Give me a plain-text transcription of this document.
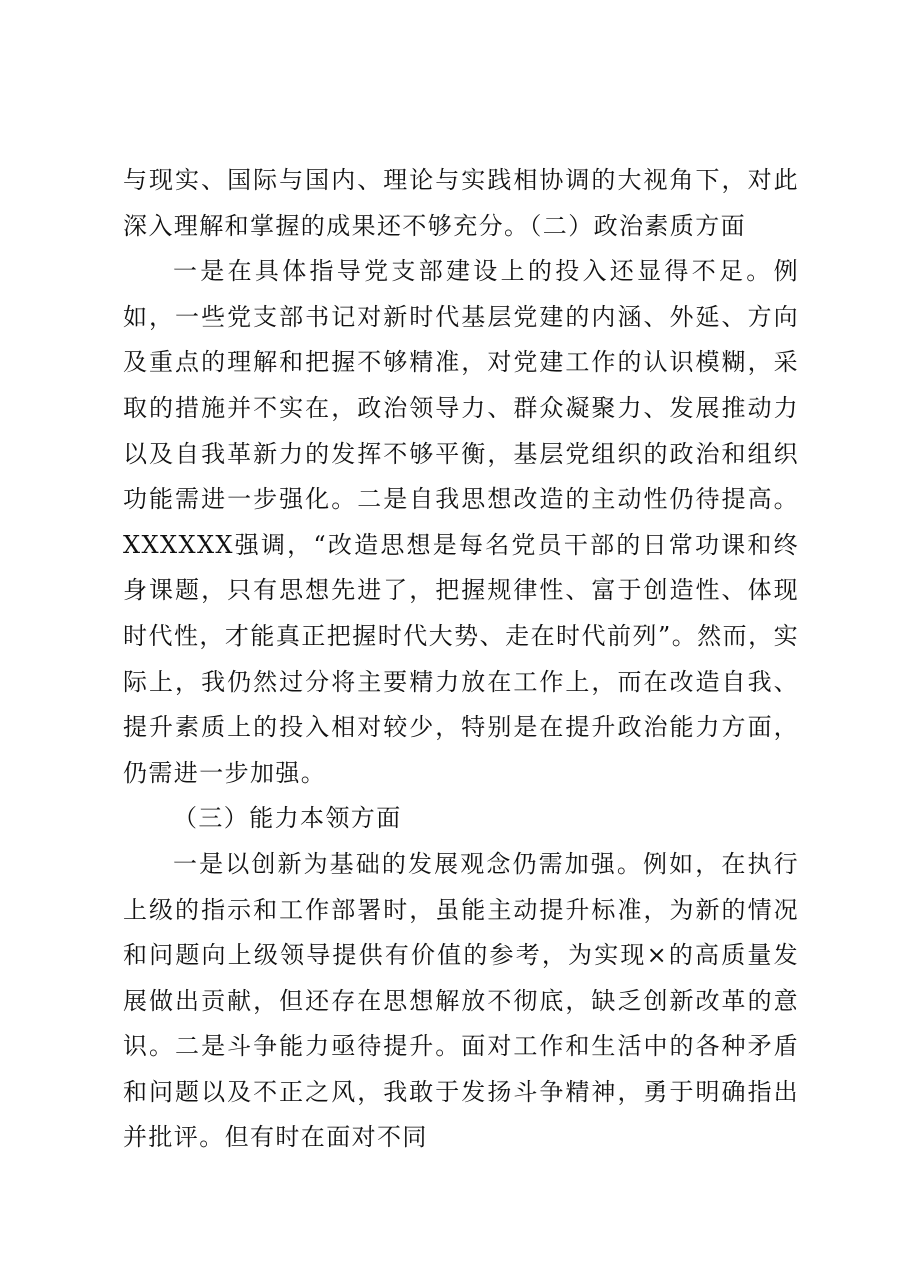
与现实、国际与国内、理论与实践相协调的大视角下，对此深入理解和掌握的成果还不够充分。（二）政治素质方面

一是在具体指导党支部建设上的投入还显得不足。例如，一些党支部书记对新时代基层党建的内涵、外延、方向及重点的理解和把握不够精准，对党建工作的认识模糊，采取的措施并不实在，政治领导力、群众凝聚力、发展推动力以及自我革新力的发挥不够平衡，基层党组织的政治和组织功能需进一步强化。二是自我思想改造的主动性仍待提高。XXXXXX强调，“改造思想是每名党员干部的日常功课和终身课题，只有思想先进了，把握规律性、富于创造性、体现时代性，才能真正把握时代大势、走在时代前列”。然而，实际上，我仍然过分将主要精力放在工作上，而在改造自我、提升素质上的投入相对较少，特别是在提升政治能力方面，仍需进一步加强。

（三）能力本领方面

一是以创新为基础的发展观念仍需加强。例如，在执行上级的指示和工作部署时，虽能主动提升标准，为新的情况和问题向上级领导提供有价值的参考，为实现×的高质量发展做出贡献，但还存在思想解放不彻底，缺乏创新改革的意识。二是斗争能力亟待提升。面对工作和生活中的各种矛盾和问题以及不正之风，我敢于发扬斗争精神，勇于明确指出并批评。但有时在面对不同
